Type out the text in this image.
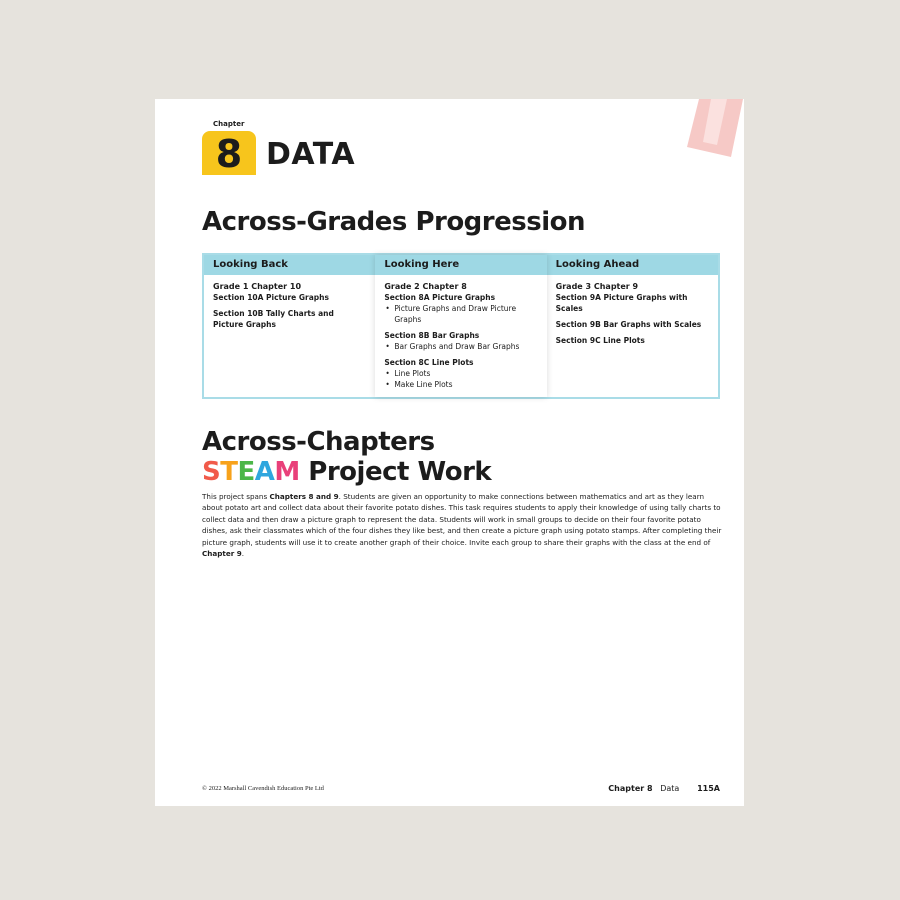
Chapter
8 DATA
Across-Grades Progression
Looking Back
Grade 1 Chapter 10
Section 10A Picture Graphs
Section 10B Tally Charts and Picture Graphs
Looking Here
Grade 2 Chapter 8
Section 8A Picture Graphs
• Picture Graphs and Draw Picture Graphs
Section 8B Bar Graphs
• Bar Graphs and Draw Bar Graphs
Section 8C Line Plots
• Line Plots
• Make Line Plots
Looking Ahead
Grade 3 Chapter 9
Section 9A Picture Graphs with Scales
Section 9B Bar Graphs with Scales
Section 9C Line Plots
Across-Chapters
STEAM Project Work
This project spans Chapters 8 and 9. Students are given an opportunity to make connections between mathematics and art as they learn about potato art and collect data about their favorite potato dishes. This task requires students to apply their knowledge of using tally charts to collect data and then draw a picture graph to represent the data. Students will work in small groups to decide on their four favorite potato dishes, ask their classmates which of the four dishes they like best, and then create a picture graph using potato stamps. After completing their picture graph, students will use it to create another graph of their choice. Invite each group to share their graphs with the class at the end of Chapter 9.
© 2022 Marshall Cavendish Education Pte Ltd	Chapter 8 Data 115A
